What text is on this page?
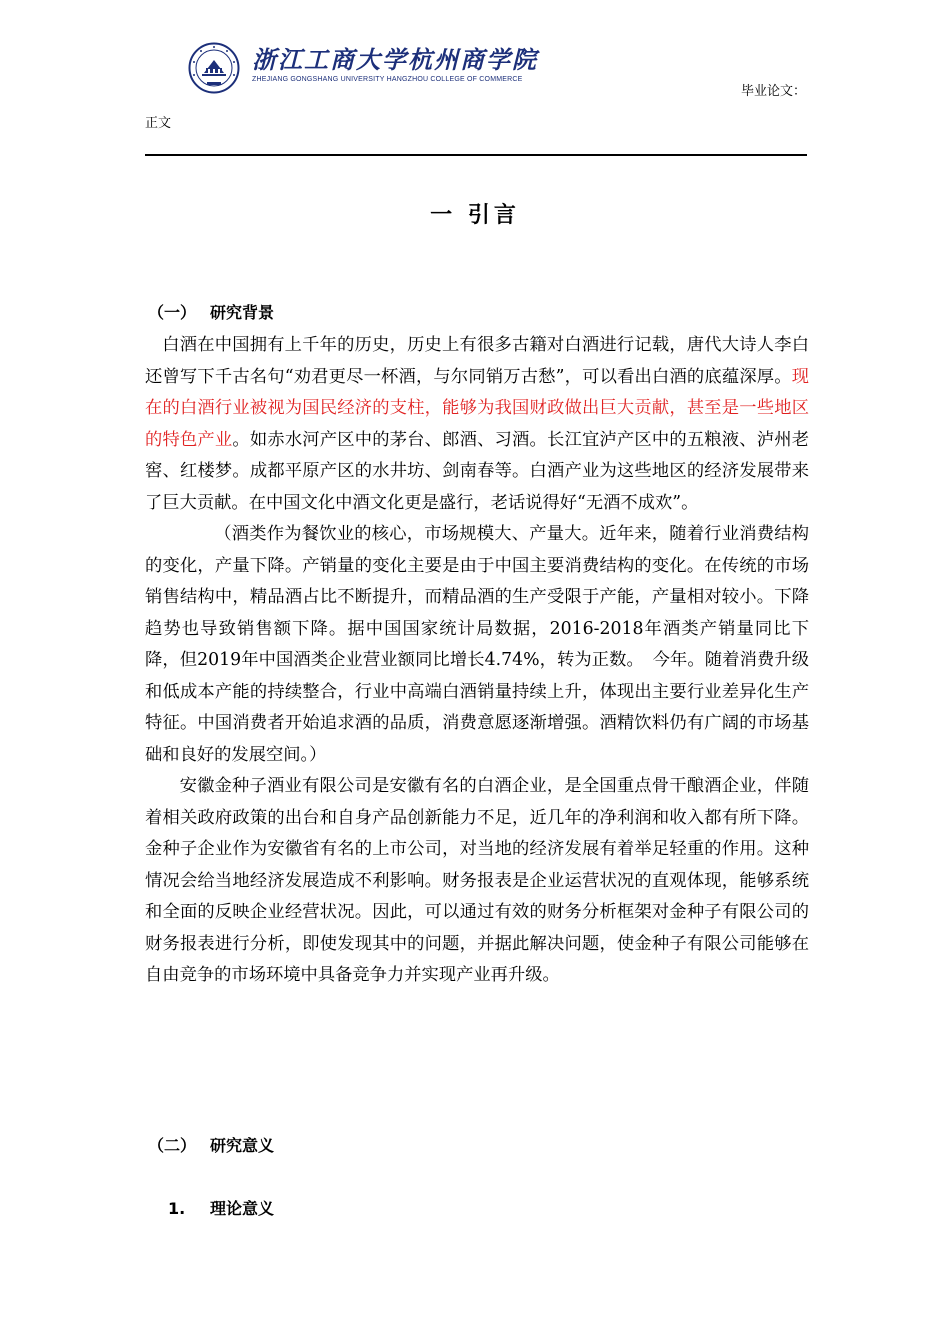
浙江工商大学杭州商学院
ZHEJIANG GONGSHANG UNIVERSITY HANGZHOU COLLEGE OF COMMERCE
毕业论文：
正文
一 引言
（一） 研究背景

白酒在中国拥有上千年的历史，历史上有很多古籍对白酒进行记载，唐代大诗人李白还曾写下千古名句“劝君更尽一杯酒，与尔同销万古愁”，可以看出白酒的底蕴深厚。现在的白酒行业被视为国民经济的支柱，能够为我国财政做出巨大贡献，甚至是一些地区的特色产业。如赤水河产区中的茅台、郎酒、习酒。长江宜泸产区中的五粮液、泸州老窖、红楼梦。成都平原产区的水井坊、剑南春等。白酒产业为这些地区的经济发展带来了巨大贡献。在中国文化中酒文化更是盛行，老话说得好“无酒不成欢”。

（酒类作为餐饮业的核心，市场规模大、产量大。近年来，随着行业消费结构的变化，产量下降。产销量的变化主要是由于中国主要消费结构的变化。在传统的市场销售结构中，精品酒占比不断提升，而精品酒的生产受限于产能，产量相对较小。下降趋势也导致销售额下降。据中国国家统计局数据，2016-2018年酒类产销量同比下降，但2019年中国酒类企业营业额同比增长4.74%，转为正数。　今年。随着消费升级和低成本产能的持续整合，行业中高端白酒销量持续上升，体现出主要行业差异化生产特征。中国消费者开始追求酒的品质，消费意愿逐渐增强。酒精饮料仍有广阔的市场基础和良好的发展空间。）

安徽金种子酒业有限公司是安徽有名的白酒企业，是全国重点骨干酿酒企业，伴随着相关政府政策的出台和自身产品创新能力不足，近几年的净利润和收入都有所下降。金种子企业作为安徽省有名的上市公司，对当地的经济发展有着举足轻重的作用。这种情况会给当地经济发展造成不利影响。财务报表是企业运营状况的直观体现，能够系统和全面的反映企业经营状况。因此，可以通过有效的财务分析框架对金种子有限公司的财务报表进行分析，即使发现其中的问题，并据此解决问题，使金种子有限公司能够在自由竞争的市场环境中具备竞争力并实现产业再升级。

（二） 研究意义
1. 理论意义
